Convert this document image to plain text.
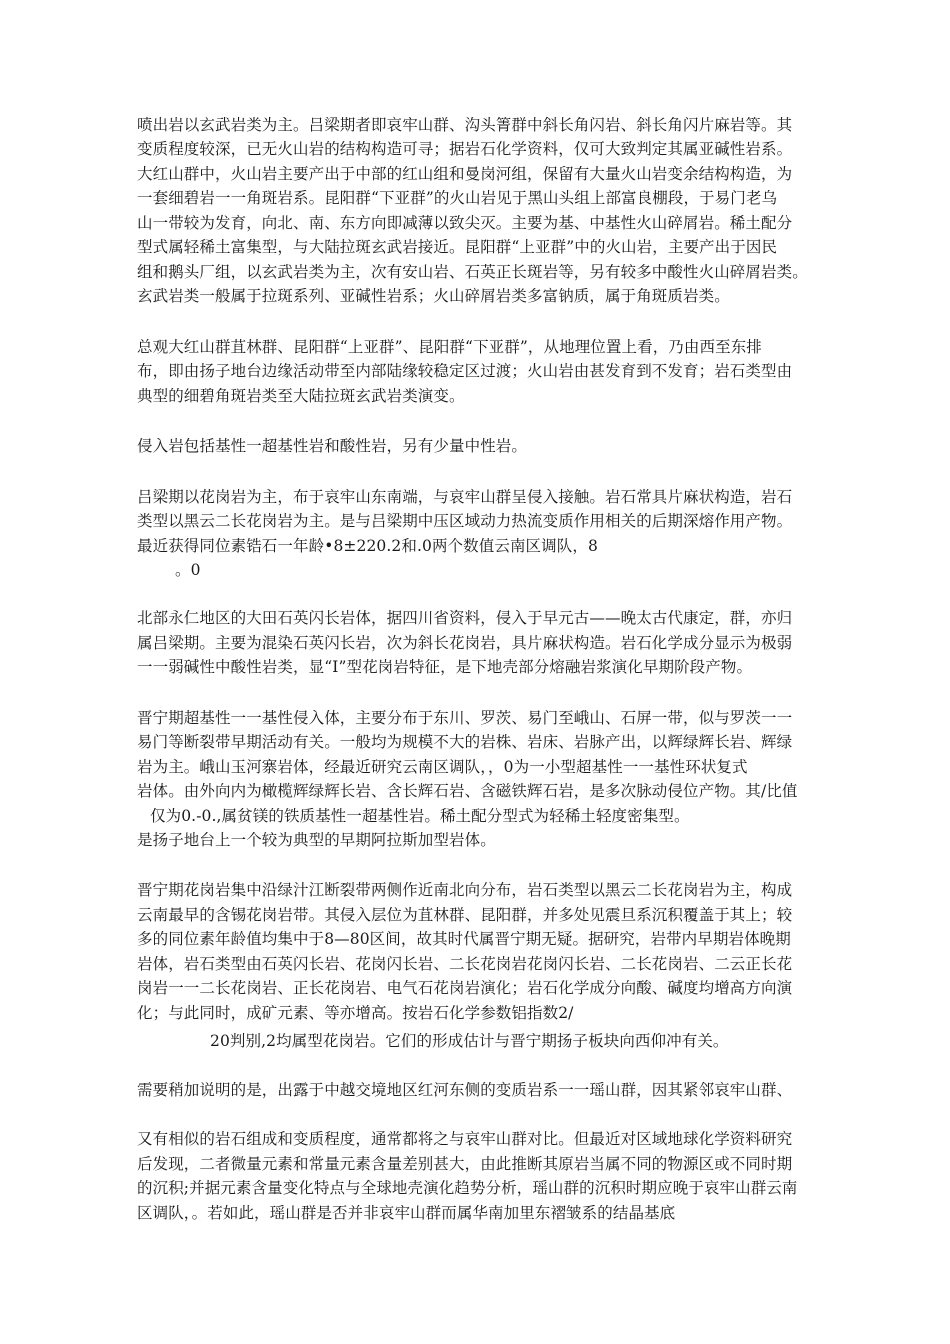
喷出岩以玄武岩类为主。吕梁期者即哀牢山群、沟头箐群中斜长角闪岩、斜长角闪片麻岩等。其
变质程度较深，已无火山岩的结构构造可寻；据岩石化学资料，仅可大致判定其属亚碱性岩系。
大红山群中，火山岩主要产出于中部的红山组和曼岗河组，保留有大量火山岩变余结构构造，为
一套细碧岩一一角斑岩系。昆阳群“下亚群”的火山岩见于黑山头组上部富良棚段，于易门老乌
山一带较为发育，向北、南、东方向即减薄以致尖灭。主要为基、中基性火山碎屑岩。稀土配分
型式属轻稀土富集型，与大陆拉斑玄武岩接近。昆阳群“上亚群”中的火山岩，主要产出于因民
组和鹅头厂组，以玄武岩类为主，次有安山岩、石英正长斑岩等，另有较多中酸性火山碎屑岩类。
玄武岩类一般属于拉斑系列、亚碱性岩系；火山碎屑岩类多富钠质，属于角斑质岩类。
总观大红山群苴林群、昆阳群“上亚群”、昆阳群“下亚群”，从地理位置上看，乃由西至东排
布，即由扬子地台边缘活动带至内部陆缘较稳定区过渡；火山岩由甚发育到不发育；岩石类型由
典型的细碧角斑岩类至大陆拉斑玄武岩类演变。
侵入岩包括基性一超基性岩和酸性岩，另有少量中性岩。
吕梁期以花岗岩为主，布于哀牢山东南端，与哀牢山群呈侵入接触。岩石常具片麻状构造，岩石
类型以黑云二长花岗岩为主。是与吕梁期中压区域动力热流变质作用相关的后期深熔作用产物。
最近获得同位素锆石一年龄•8±220.2和.0两个数值云南区调队，8
。0
北部永仁地区的大田石英闪长岩体，据四川省资料，侵入于早元古——晚太古代康定，群，亦归
属吕梁期。主要为混染石英闪长岩，次为斜长花岗岩，具片麻状构造。岩石化学成分显示为极弱
一一弱碱性中酸性岩类，显“I”型花岗岩特征，是下地壳部分熔融岩浆演化早期阶段产物。
晋宁期超基性一一基性侵入体，主要分布于东川、罗茨、易门至峨山、石屏一带，似与罗茨一一
易门等断裂带早期活动有关。一般均为规模不大的岩株、岩床、岩脉产出，以辉绿辉长岩、辉绿
岩为主。峨山玉河寨岩体，经最近研究云南区调队，，0为一小型超基性一一基性环状复式
岩体。由外向内为橄榄辉绿辉长岩、含长辉石岩、含磁铁辉石岩，是多次脉动侵位产物。其/比值
仅为0.-0.,属贫镁的铁质基性一超基性岩。稀土配分型式为轻稀土轻度密集型。
是扬子地台上一个较为典型的早期阿拉斯加型岩体。
晋宁期花岗岩集中沿绿汁江断裂带两侧作近南北向分布，岩石类型以黑云二长花岗岩为主，构成
云南最早的含锡花岗岩带。其侵入层位为苴林群、昆阳群，并多处见震旦系沉积覆盖于其上；较
多的同位素年龄值均集中于8—80区间，故其时代属晋宁期无疑。据研究，岩带内早期岩体晚期
岩体，岩石类型由石英闪长岩、花岗闪长岩、二长花岗岩花岗闪长岩、二长花岗岩、二云正长花
岗岩一一二长花岗岩、正长花岗岩、电气石花岗岩演化；岩石化学成分向酸、碱度均增高方向演
化；与此同时，成矿元素、等亦增高。按岩石化学参数铝指数2/
20判别,2均属型花岗岩。它们的形成估计与晋宁期扬子板块向西仰冲有关。
需要稍加说明的是，出露于中越交境地区红河东侧的变质岩系一一瑶山群，因其紧邻哀牢山群、
又有相似的岩石组成和变质程度，通常都将之与哀牢山群对比。但最近对区域地球化学资料研究
后发现，二者微量元素和常量元素含量差别甚大，由此推断其原岩当属不同的物源区或不同时期
的沉积;并据元素含量变化特点与全球地壳演化趋势分析，瑶山群的沉积时期应晚于哀牢山群云南
区调队，。若如此，瑶山群是否并非哀牢山群而属华南加里东褶皱系的结晶基底
